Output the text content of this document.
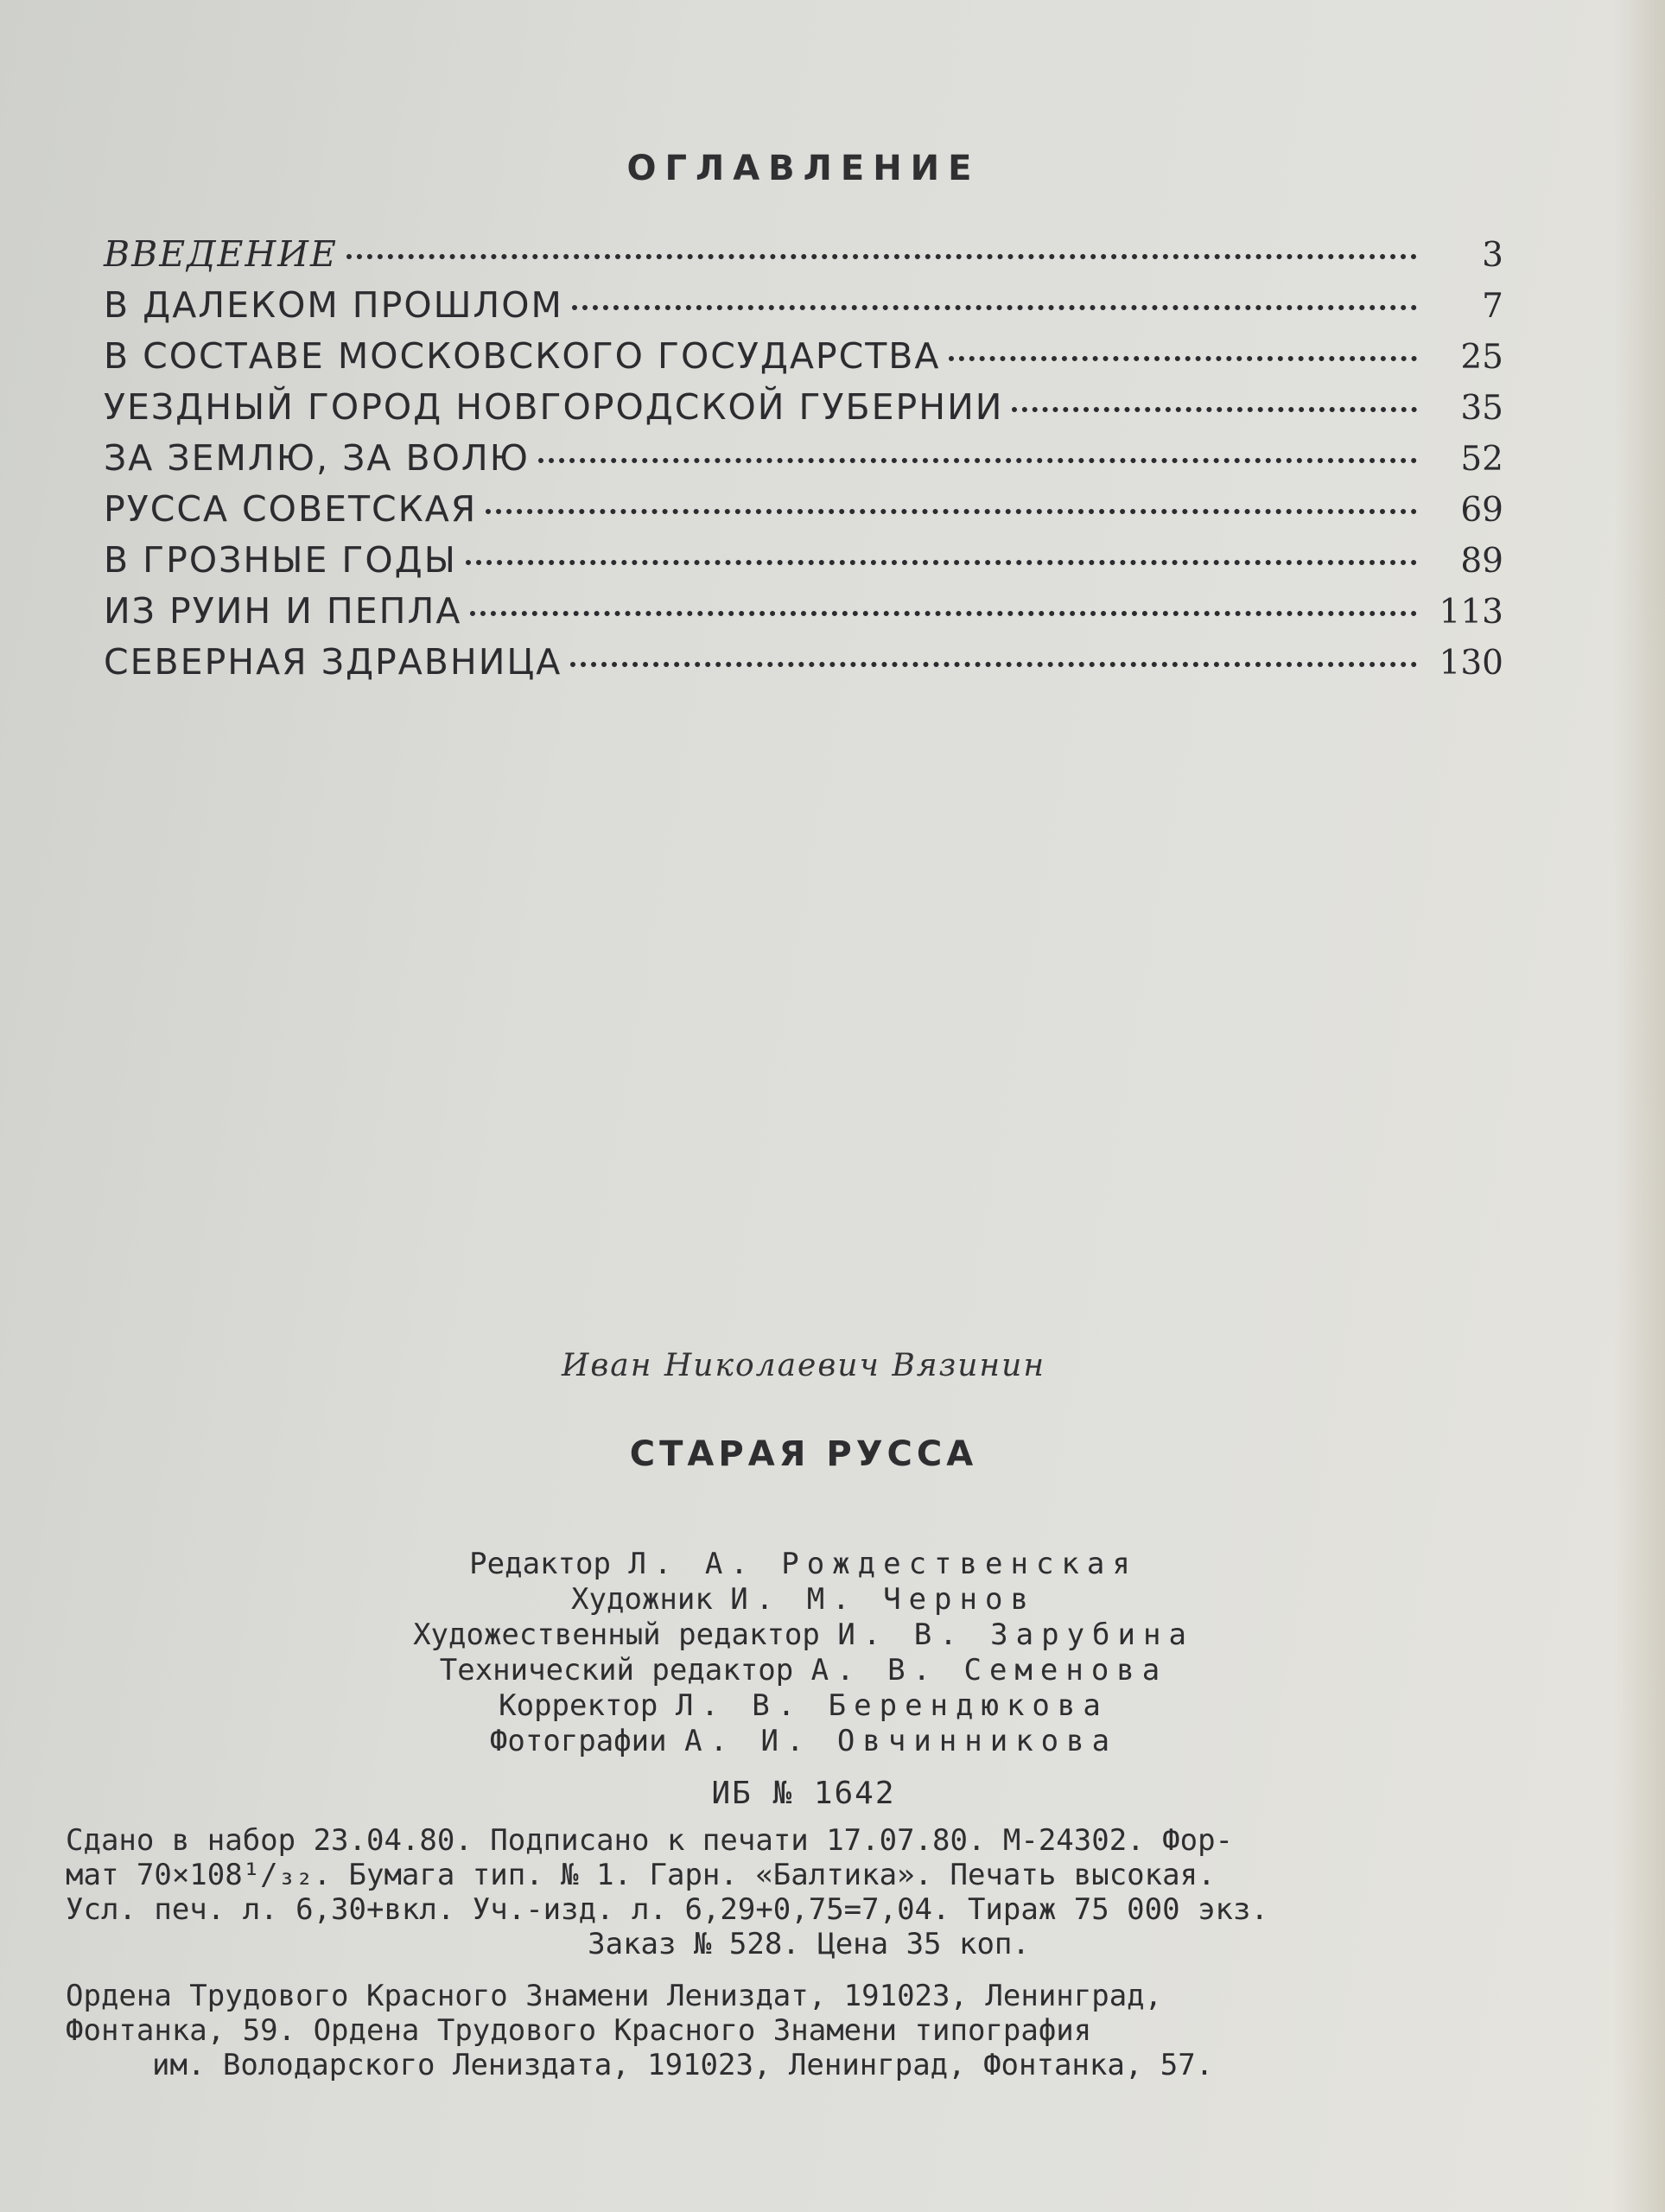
ОГЛАВЛЕНИЕ
ВВЕДЕНИЕ	3
В ДАЛЕКОМ ПРОШЛОМ	7
В СОСТАВЕ МОСКОВСКОГО ГОСУДАРСТВА	25
УЕЗДНЫЙ ГОРОД НОВГОРОДСКОЙ ГУБЕРНИИ	35
ЗА ЗЕМЛЮ, ЗА ВОЛЮ	52
РУССА СОВЕТСКАЯ	69
В ГРОЗНЫЕ ГОДЫ	89
ИЗ РУИН И ПЕПЛА	113
СЕВЕРНАЯ ЗДРАВНИЦА	130
Иван Николаевич Вязинин
СТАРАЯ РУССА
Редактор Л. А. Рождественская
Художник И. М. Чернов
Художественный редактор И. В. Зарубина
Технический редактор А. В. Семенова
Корректор Л. В. Берендюкова
Фотографии А. И. Овчинникова
ИБ № 1642
Сдано в набор 23.04.80. Подписано к печати 17.07.80. М-24302. Фор-
мат 70×108¹/₃₂. Бумага тип. № 1. Гарн. «Балтика». Печать высокая.
Усл. печ. л. 6,30+вкл. Уч.-изд. л. 6,29+0,75=7,04. Тираж 75 000 экз.
Заказ № 528. Цена 35 коп.
Ордена Трудового Красного Знамени Лениздат, 191023, Ленинград,
Фонтанка, 59. Ордена Трудового Красного Знамени типография
им. Володарского Лениздата, 191023, Ленинград, Фонтанка, 57.
